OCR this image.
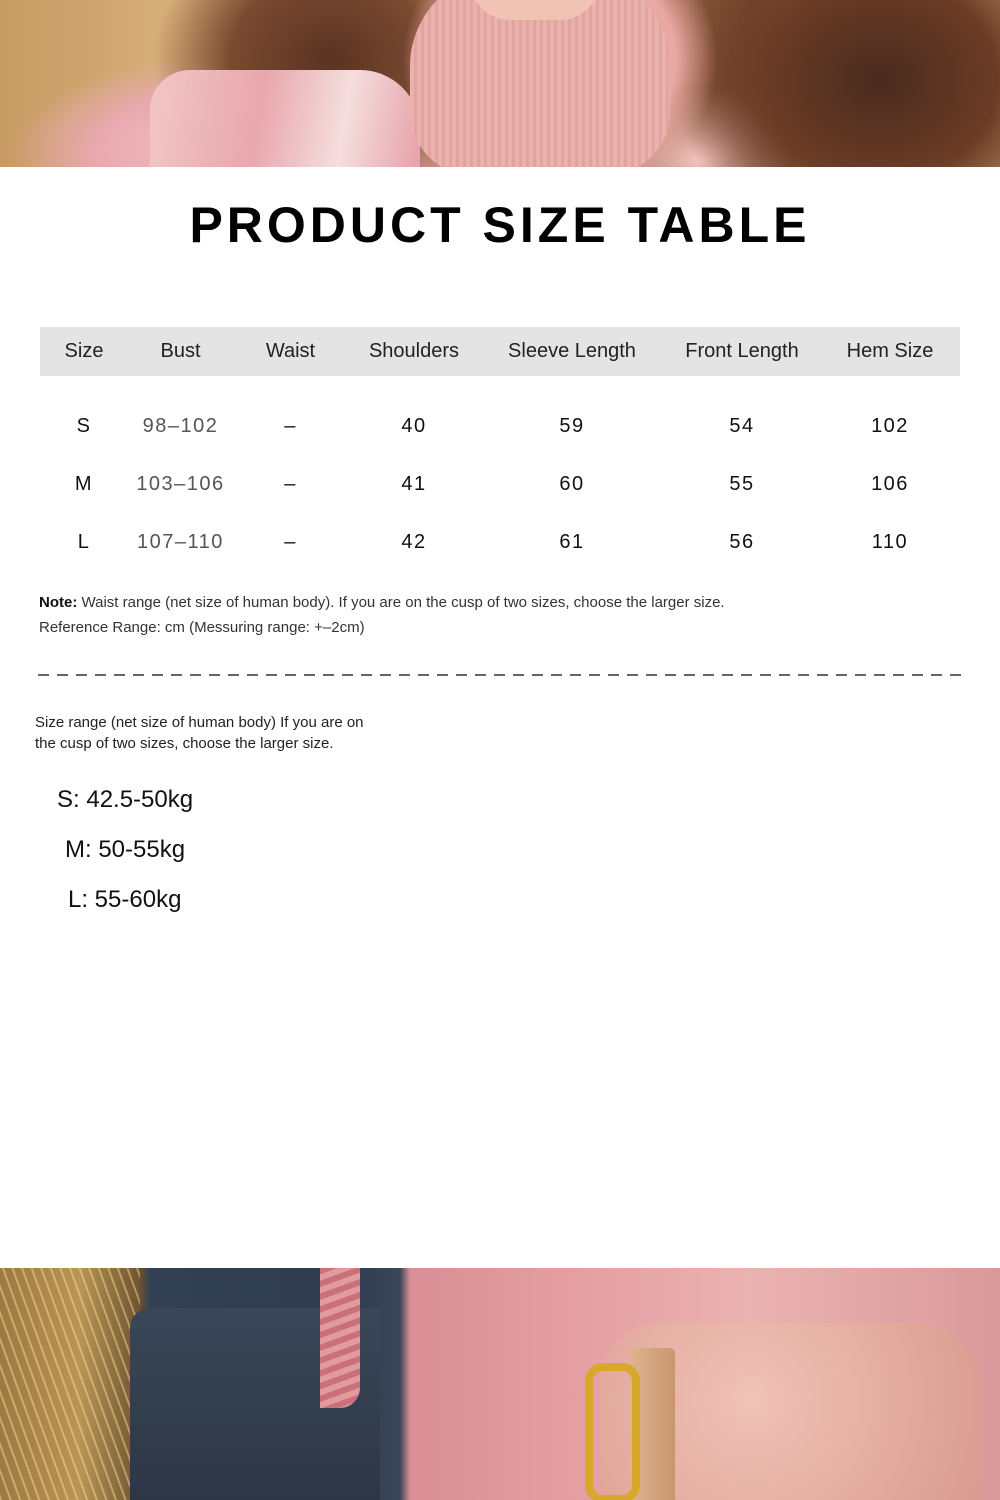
PRODUCT SIZE TABLE
Size	Bust	Waist	Shoulders	Sleeve Length	Front Length	Hem Size

S	98–102	–	40	59	54	102
M	103–106	–	41	60	55	106
L	107–110	–	42	61	56	110
Note: Waist range (net size of human body). If you are on the cusp of two sizes, choose the larger size.
Reference Range: cm (Messuring range: +–2cm)
Size range (net size of human body) If you are on the cusp of two sizes, choose the larger size.
S: 42.5-50kg
M: 50-55kg
L: 55-60kg
